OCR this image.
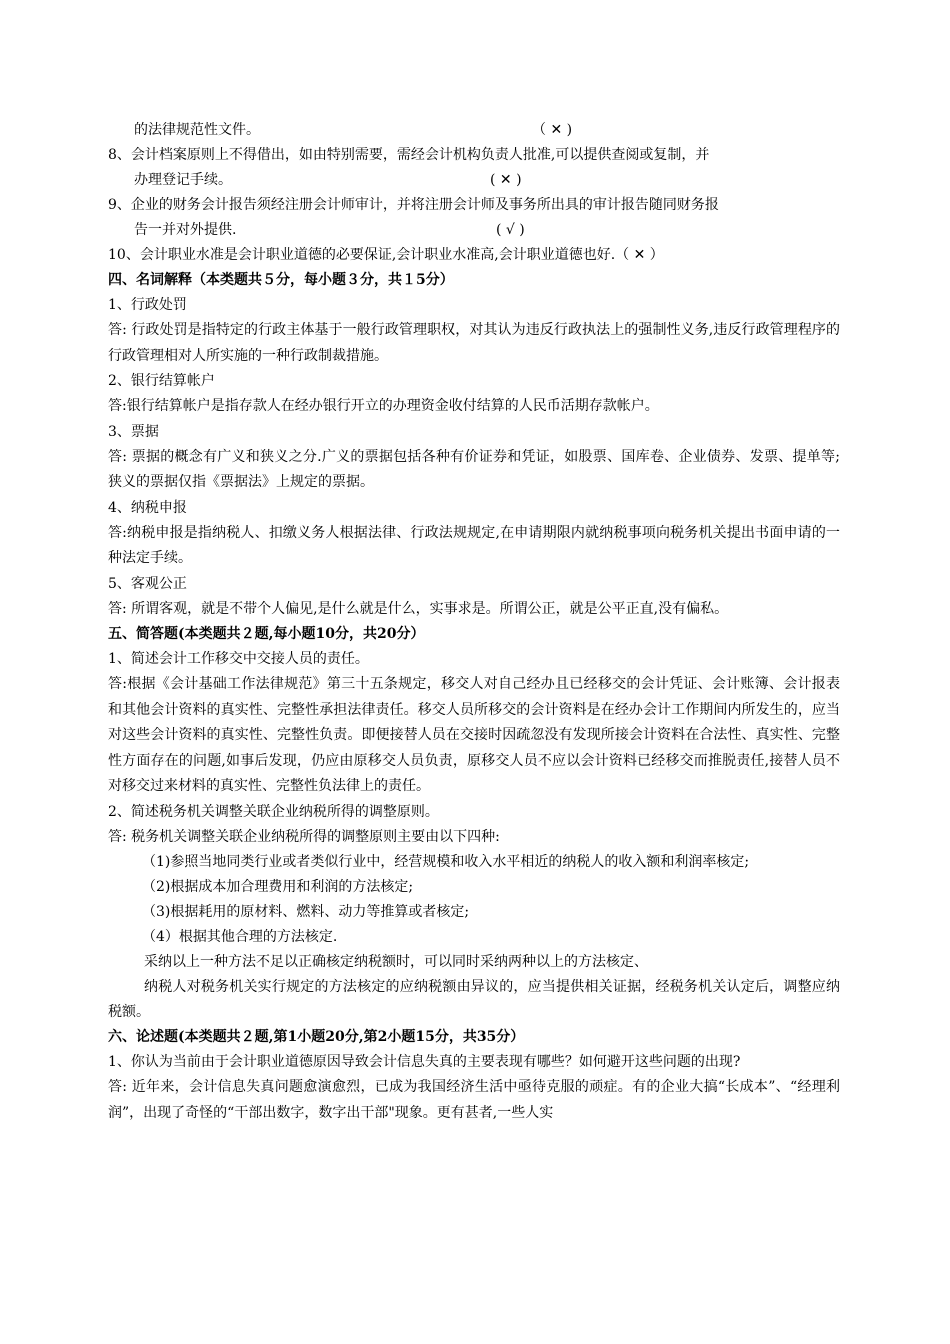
的法律规范性文件。	（ ✕ )
8、会计档案原则上不得借出，如由特别需要，需经会计机构负责人批准,可以提供查阅或复制，并
办理登记手续。	( ✕ )
9、企业的财务会计报告须经注册会计师审计，并将注册会计师及事务所出具的审计报告随同财务报
告一并对外提供.	( √ )
10、会计职业水准是会计职业道德的必要保证,会计职业水准高,会计职业道德也好.（ ✕ ）
四、名词解释（本类题共５分，每小题３分，共１5分）
1、行政处罚
答: 行政处罚是指特定的行政主体基于一般行政管理职权，对其认为违反行政执法上的强制性义务,违反行政管理程序的行政管理相对人所实施的一种行政制裁措施。
2、银行结算帐户
答:银行结算帐户是指存款人在经办银行开立的办理资金收付结算的人民币活期存款帐户。
3、票据
答: 票据的概念有广义和狭义之分.广义的票据包括各种有价证券和凭证，如股票、国库卷、企业债券、发票、提单等;狭义的票据仅指《票据法》上规定的票据。
4、纳税申报
答:纳税申报是指纳税人、扣缴义务人根据法律、行政法规规定,在申请期限内就纳税事项向税务机关提出书面申请的一种法定手续。
5、客观公正
答: 所谓客观，就是不带个人偏见,是什么就是什么，实事求是。所谓公正，就是公平正直,没有偏私。
五、简答题(本类题共２题,每小题10分，共20分）
1、简述会计工作移交中交接人员的责任。
答:根据《会计基础工作法律规范》第三十五条规定，移交人对自己经办且已经移交的会计凭证、会计账簿、会计报表和其他会计资料的真实性、完整性承担法律责任。移交人员所移交的会计资料是在经办会计工作期间内所发生的，应当对这些会计资料的真实性、完整性负责。即便接替人员在交接时因疏忽没有发现所接会计资料在合法性、真实性、完整性方面存在的问题,如事后发现，仍应由原移交人员负责，原移交人员不应以会计资料已经移交而推脱责任,接替人员不对移交过来材料的真实性、完整性负法律上的责任。
2、简述税务机关调整关联企业纳税所得的调整原则。
答: 税务机关调整关联企业纳税所得的调整原则主要由以下四种:
（1)参照当地同类行业或者类似行业中，经营规模和收入水平相近的纳税人的收入额和利润率核定;
（2)根据成本加合理费用和利润的方法核定;
（3)根据耗用的原材料、燃料、动力等推算或者核定;
（4）根据其他合理的方法核定.
采纳以上一种方法不足以正确核定纳税额时，可以同时采纳两种以上的方法核定、
纳税人对税务机关实行规定的方法核定的应纳税额由异议的，应当提供相关证据，经税务机关认定后，调整应纳税额。
六、论述题(本类题共２题,第1小题20分,第2小题15分，共35分）
1、你认为当前由于会计职业道德原因导致会计信息失真的主要表现有哪些？如何避开这些问题的出现?
答: 近年来，会计信息失真问题愈演愈烈，已成为我国经济生活中亟待克服的顽症。有的企业大搞“长成本”、“经理利润”，出现了奇怪的“干部出数字，数字出干部"现象。更有甚者,一些人实
